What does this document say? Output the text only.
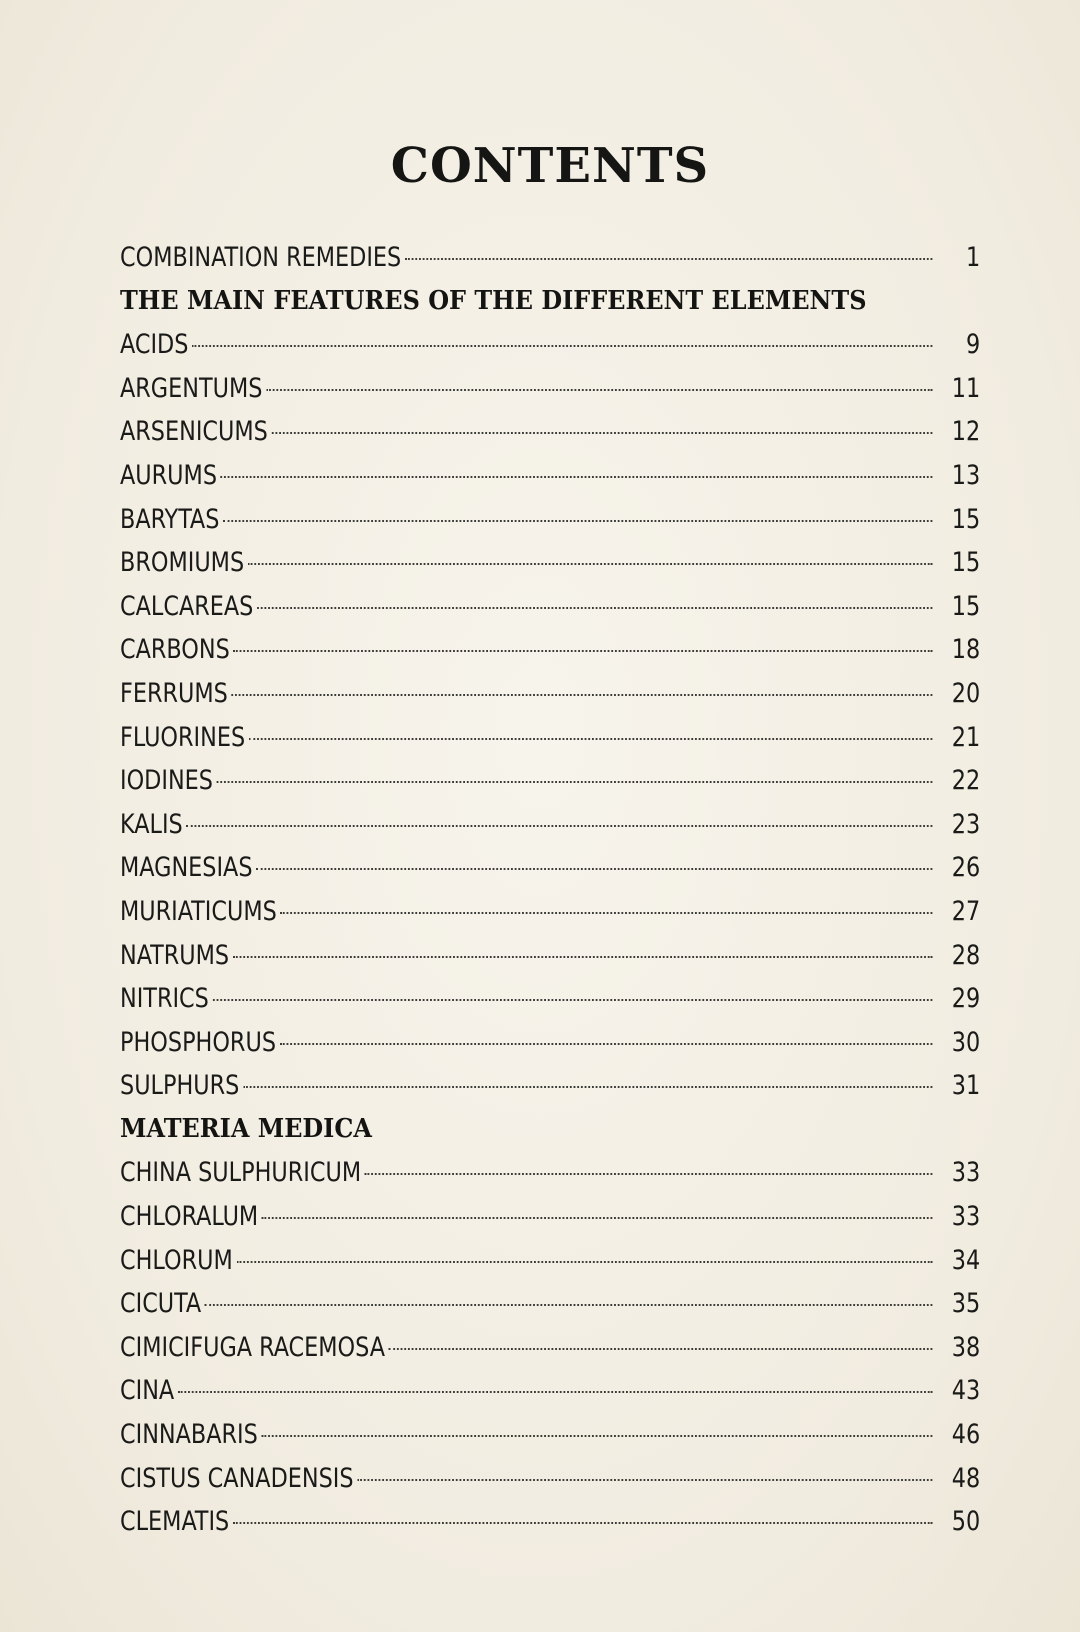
CONTENTS
COMBINATION REMEDIES	1
THE MAIN FEATURES OF THE DIFFERENT ELEMENTS
ACIDS	9
ARGENTUMS	11
ARSENICUMS	12
AURUMS	13
BARYTAS	15
BROMIUMS	15
CALCAREAS	15
CARBONS	18
FERRUMS	20
FLUORINES	21
IODINES	22
KALIS	23
MAGNESIAS	26
MURIATICUMS	27
NATRUMS	28
NITRICS	29
PHOSPHORUS	30
SULPHURS	31
MATERIA MEDICA
CHINA SULPHURICUM	33
CHLORALUM	33
CHLORUM	34
CICUTA	35
CIMICIFUGA RACEMOSA	38
CINA	43
CINNABARIS	46
CISTUS CANADENSIS	48
CLEMATIS	50
